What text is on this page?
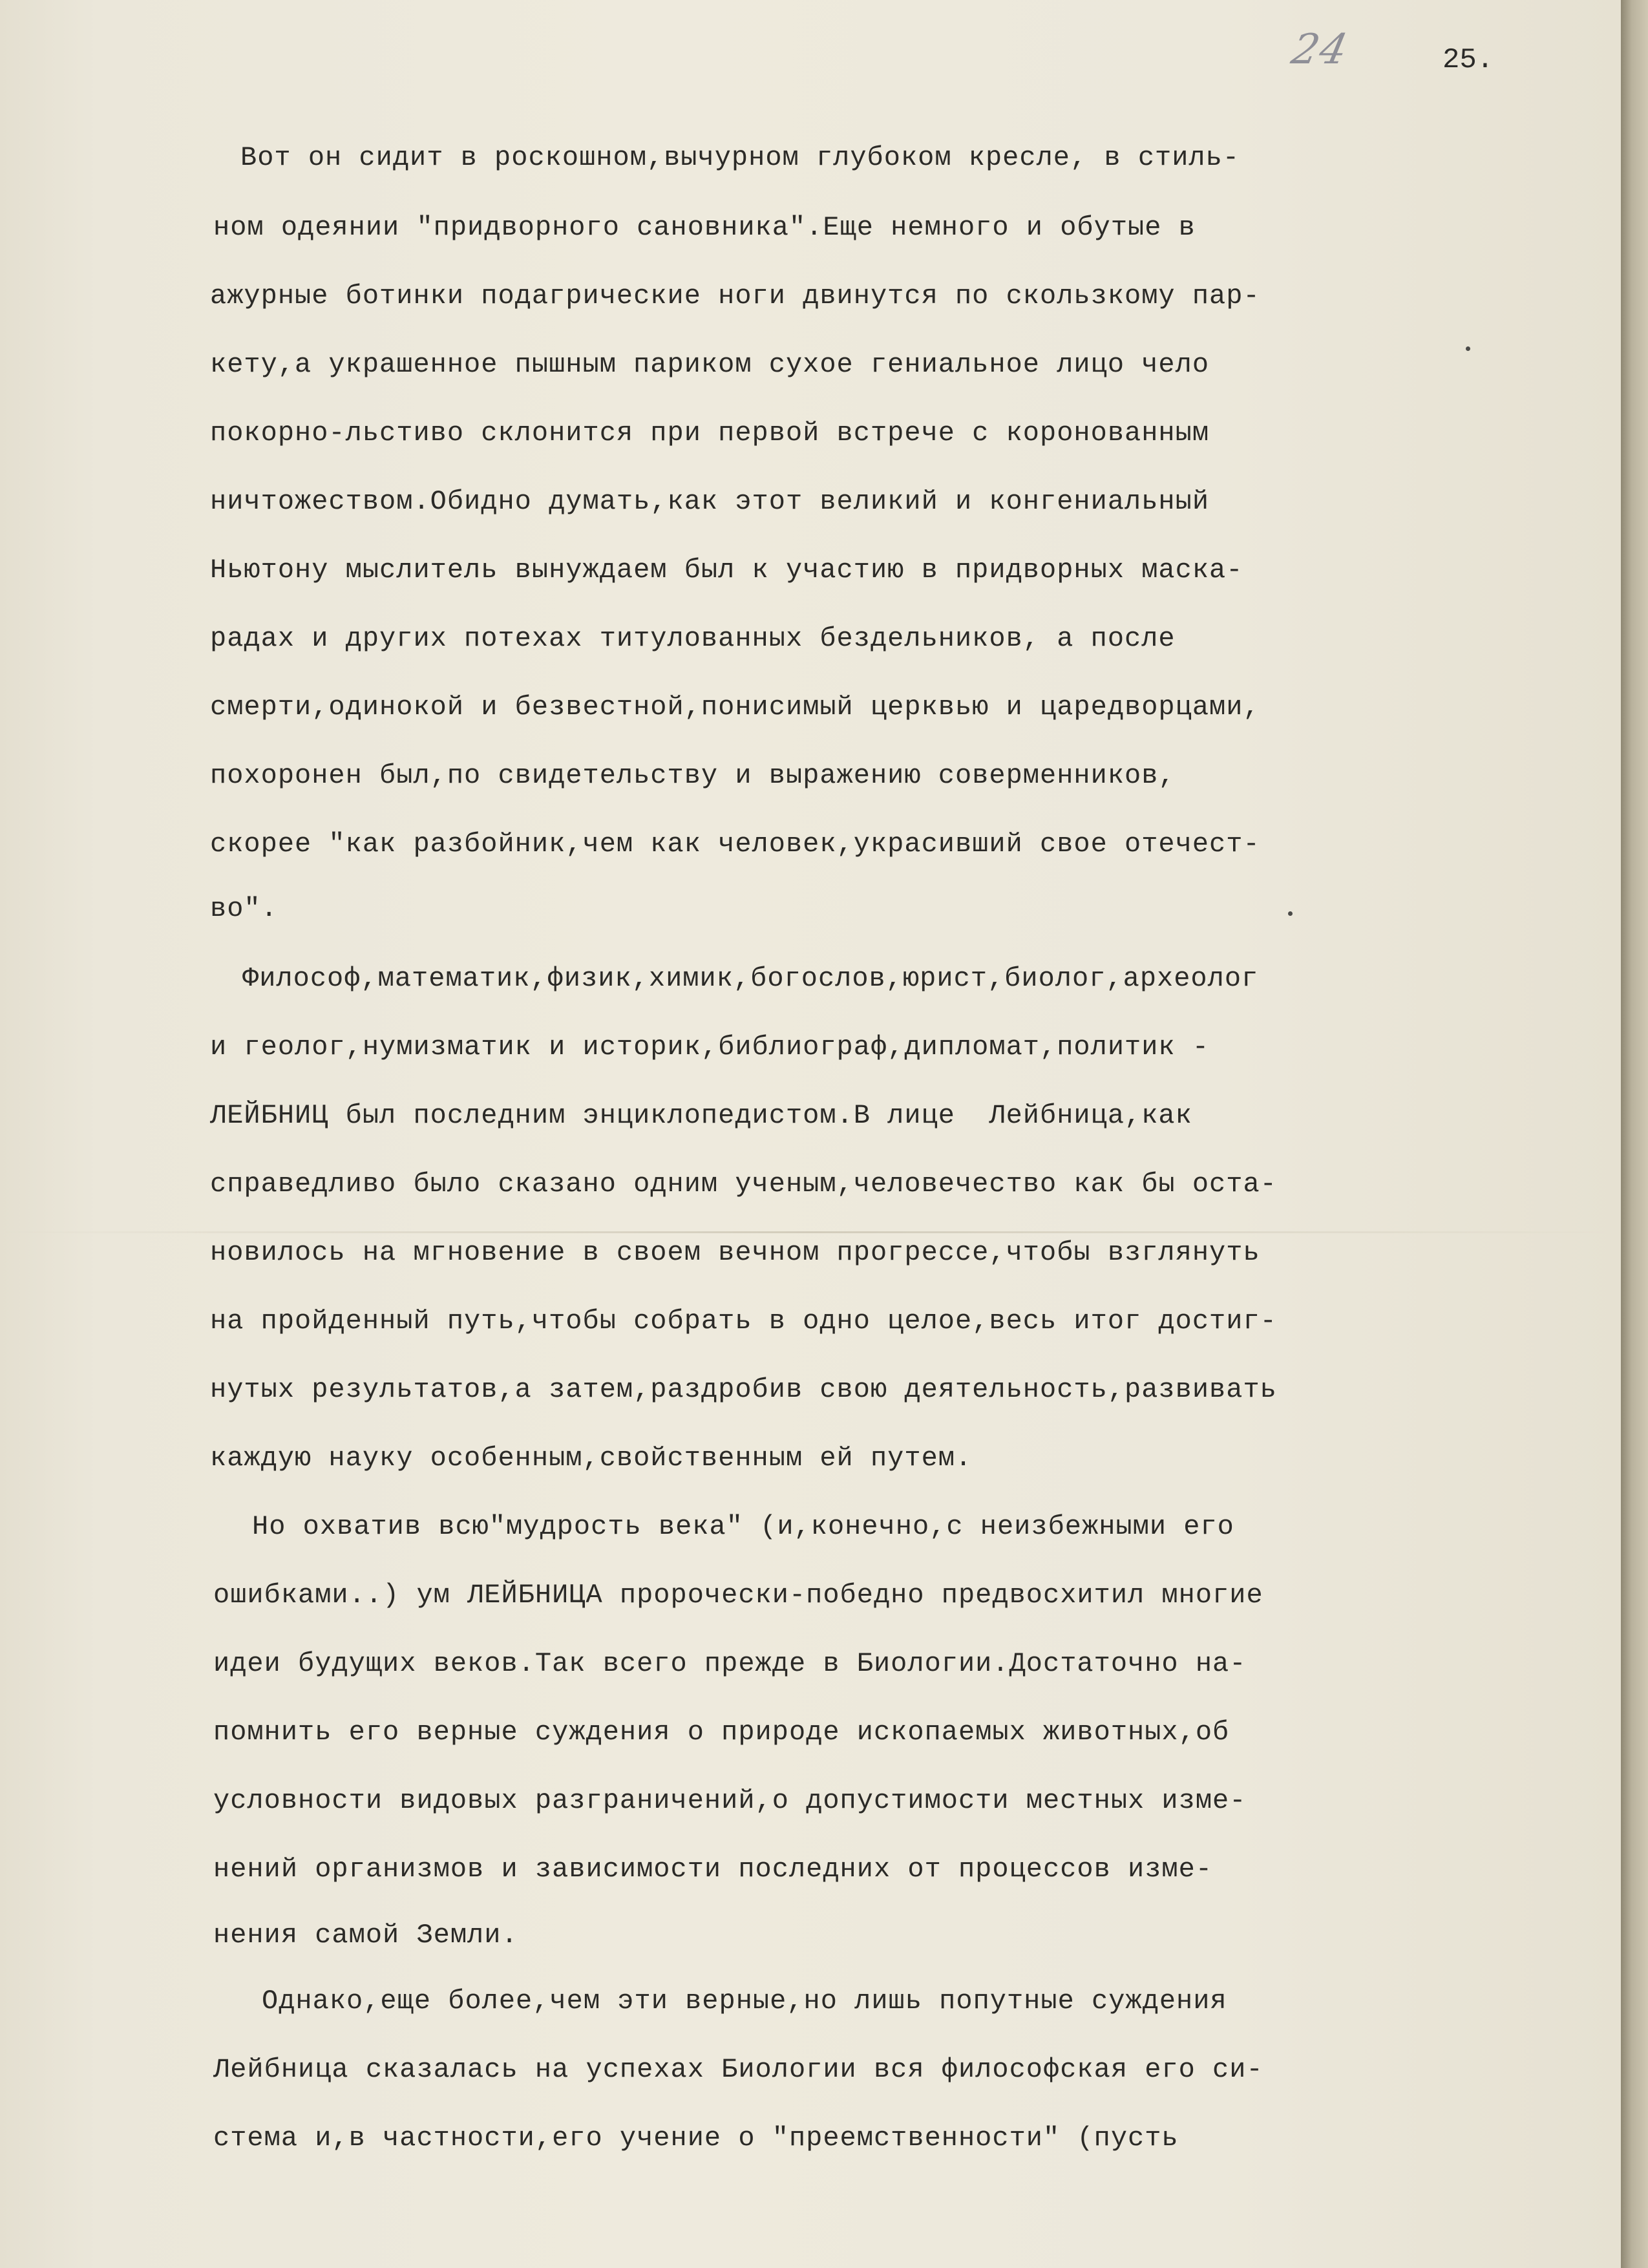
24	25.
Вот он сидит в роскошном,вычурном глубоком кресле, в стиль-
ном одеянии "придворного сановника".Еще немного и обутые в
ажурные ботинки подагрические ноги двинутся по скользкому пар-
кету,а украшенное пышным париком сухое гениальное лицо чело
покорно-льстиво склонится при первой встрече с коронованным
ничтожеством.Обидно думать,как этот великий и конгениальный
Ньютону мыслитель вынуждаем был к участию в придворных маска-
радах и других потехах титулованных бездельников, а после
смерти,одинокой и безвестной,понисимый церквью и царедворцами,
похоронен был,по свидетельству и выражению соверменников,
скорее "как разбойник,чем как человек,украсивший свое отечест-
во".
Философ,математик,физик,химик,богослов,юрист,биолог,археолог
и геолог,нумизматик и историк,библиограф,дипломат,политик -
ЛЕЙБНИЦ был последним энциклопедистом.В лице  Лейбница,как
справедливо было сказано одним ученым,человечество как бы оста-
новилось на мгновение в своем вечном прогрессе,чтобы взглянуть
на пройденный путь,чтобы собрать в одно целое,весь итог достиг-
нутых результатов,а затем,раздробив свою деятельность,развивать
каждую науку особенным,свойственным ей путем.
Но охватив всю"мудрость века" (и,конечно,с неизбежными его
ошибками..) ум ЛЕЙБНИЦА пророчески-победно предвосхитил многие
идеи будущих веков.Так всего прежде в Биологии.Достаточно на-
помнить его верные суждения о природе ископаемых животных,об
условности видовых разграничений,о допустимости местных изме-
нений организмов и зависимости последних от процессов изме-
нения самой Земли.
Однако,еще более,чем эти верные,но лишь попутные суждения
Лейбница сказалась на успехах Биологии вся философская его си-
стема и,в частности,его учение о "преемственности" (пусть
